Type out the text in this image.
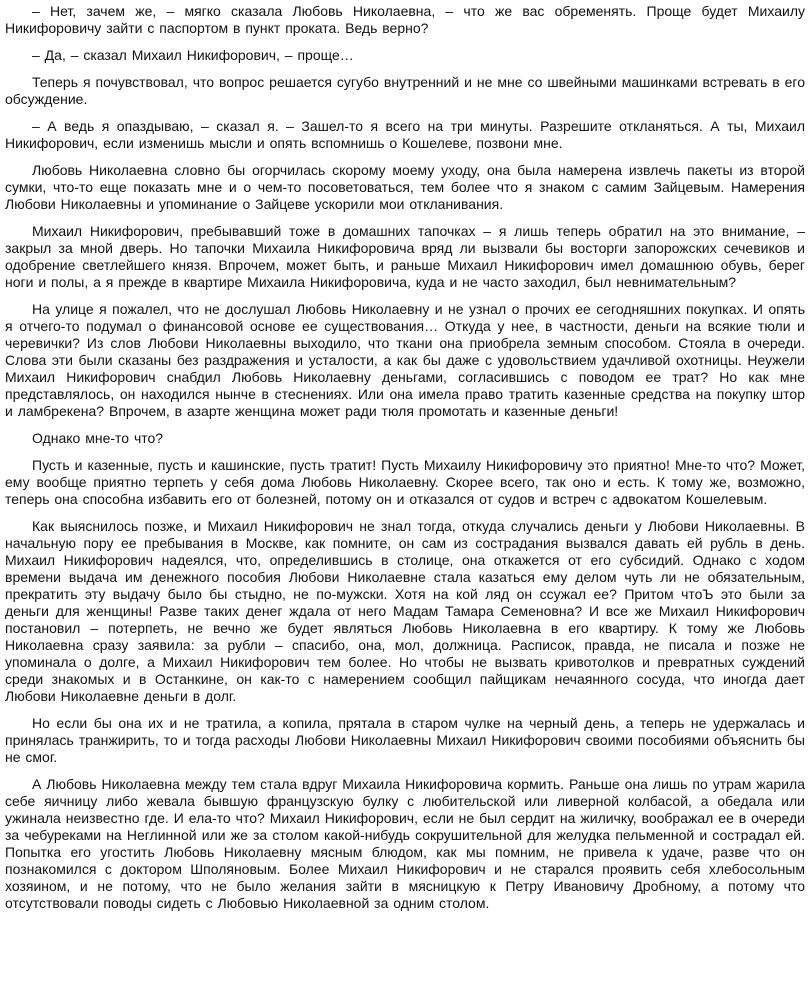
– Нет, зачем же, – мягко сказала Любовь Николаевна, – что же вас обременять. Проще будет Михаилу Никифоровичу зайти с паспортом в пункт проката. Ведь верно?

– Да, – сказал Михаил Никифорович, – проще…

Теперь я почувствовал, что вопрос решается сугубо внутренний и не мне со швейными машинками встревать в его обсуждение.

– А ведь я опаздываю, – сказал я. – Зашел-то я всего на три минуты. Разрешите откланяться. А ты, Михаил Никифорович, если изменишь мысли и опять вспомнишь о Кошелеве, позвони мне.

Любовь Николаевна словно бы огорчилась скорому моему уходу, она была намерена извлечь пакеты из второй сумки, что-то еще показать мне и о чем-то посоветоваться, тем более что я знаком с самим Зайцевым. Намерения Любови Николаевны и упоминание о Зайцеве ускорили мои откланивания.

Михаил Никифорович, пребывавший тоже в домашних тапочках – я лишь теперь обратил на это внимание, – закрыл за мной дверь. Но тапочки Михаила Никифоровича вряд ли вызвали бы восторги запорожских сечевиков и одобрение светлейшего князя. Впрочем, может быть, и раньше Михаил Никифорович имел домашнюю обувь, берег ноги и полы, а я прежде в квартире Михаила Никифоровича, куда и не часто заходил, был невнимательным?

На улице я пожалел, что не дослушал Любовь Николаевну и не узнал о прочих ее сегодняшних покупках. И опять я отчего-то подумал о финансовой основе ее существования… Откуда у нее, в частности, деньги на всякие тюли и черевички? Из слов Любови Николаевны выходило, что ткани она приобрела земным способом. Стояла в очереди. Слова эти были сказаны без раздражения и усталости, а как бы даже с удовольствием удачливой охотницы. Неужели Михаил Никифорович снабдил Любовь Николаевну деньгами, согласившись с поводом ее трат? Но как мне представлялось, он находился нынче в стеснениях. Или она имела право тратить казенные средства на покупку штор и ламбрекена? Впрочем, в азарте женщина может ради тюля промотать и казенные деньги!

Однако мне-то что?

Пусть и казенные, пусть и кашинские, пусть тратит! Пусть Михаилу Никифоровичу это приятно! Мне-то что? Может, ему вообще приятно терпеть у себя дома Любовь Николаевну. Скорее всего, так оно и есть. К тому же, возможно, теперь она способна избавить его от болезней, потому он и отказался от судов и встреч с адвокатом Кошелевым.

Как выяснилось позже, и Михаил Никифорович не знал тогда, откуда случались деньги у Любови Николаевны. В начальную пору ее пребывания в Москве, как помните, он сам из сострадания вызвался давать ей рубль в день. Михаил Никифорович надеялся, что, определившись в столице, она откажется от его субсидий. Однако с ходом времени выдача им денежного пособия Любови Николаевне стала казаться ему делом чуть ли не обязательным, прекратить эту выдачу было бы стыдно, не по-мужски. Хотя на кой ляд он ссужал ее? Притом чтоЪ это были за деньги для женщины! Разве таких денег ждала от него Мадам Тамара Семеновна? И все же Михаил Никифорович постановил – потерпеть, не вечно же будет являться Любовь Николаевна в его квартиру. К тому же Любовь Николаевна сразу заявила: за рубли – спасибо, она, мол, должница. Расписок, правда, не писала и позже не упоминала о долге, а Михаил Никифорович тем более. Но чтобы не вызвать кривотолков и превратных суждений среди знакомых и в Останкине, он как-то с намерением сообщил пайщикам нечаянного сосуда, что иногда дает Любови Николаевне деньги в долг.

Но если бы она их и не тратила, а копила, прятала в старом чулке на черный день, а теперь не удержалась и принялась транжирить, то и тогда расходы Любови Николаевны Михаил Никифорович своими пособиями объяснить бы не смог.

А Любовь Николаевна между тем стала вдруг Михаила Никифоровича кормить. Раньше она лишь по утрам жарила себе яичницу либо жевала бывшую французскую булку с любительской или ливерной колбасой, а обедала или ужинала неизвестно где. И ела-то что? Михаил Никифорович, если не был сердит на жиличку, воображал ее в очереди за чебуреками на Неглинной или же за столом какой-нибудь сокрушительной для желудка пельменной и сострадал ей. Попытка его угостить Любовь Николаевну мясным блюдом, как мы помним, не привела к удаче, разве что он познакомился с доктором Шполяновым. Более Михаил Никифорович и не старался проявить себя хлебосольным хозяином, и не потому, что не было желания зайти в мясницкую к Петру Ивановичу Дробному, а потому что отсутствовали поводы сидеть с Любовью Николаевной за одним столом.
